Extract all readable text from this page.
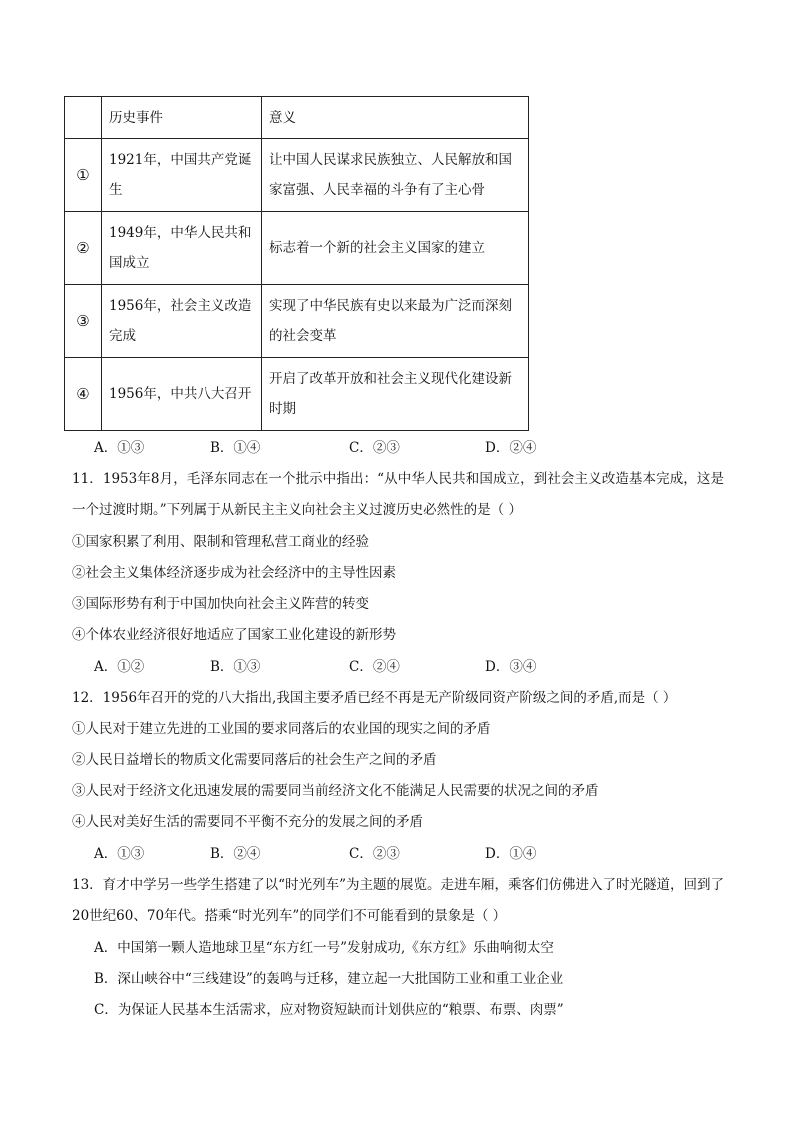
	历史事件	意义
①	1921年，中国共产党诞生	让中国人民谋求民族独立、人民解放和国家富强、人民幸福的斗争有了主心骨
②	1949年，中华人民共和国成立	标志着一个新的社会主义国家的建立
③	1956年，社会主义改造完成	实现了中华民族有史以来最为广泛而深刻的社会变革
④	1956年，中共八大召开	开启了改革开放和社会主义现代化建设新时期
A．①③	B．①④	C．②③	D．②④
11．1953年8月，毛泽东同志在一个批示中指出：“从中华人民共和国成立，到社会主义改造基本完成，这是一个过渡时期。”下列属于从新民主主义向社会主义过渡历史必然性的是（ ）
①国家积累了利用、限制和管理私营工商业的经验
②社会主义集体经济逐步成为社会经济中的主导性因素
③国际形势有利于中国加快向社会主义阵营的转变
④个体农业经济很好地适应了国家工业化建设的新形势
A．①②	B．①③	C．②④	D．③④
12．1956年召开的党的八大指出,我国主要矛盾已经不再是无产阶级同资产阶级之间的矛盾,而是（ ）
①人民对于建立先进的工业国的要求同落后的农业国的现实之间的矛盾
②人民日益增长的物质文化需要同落后的社会生产之间的矛盾
③人民对于经济文化迅速发展的需要同当前经济文化不能满足人民需要的状况之间的矛盾
④人民对美好生活的需要同不平衡不充分的发展之间的矛盾
A．①③	B．②④	C．②③	D．①④
13．育才中学另一些学生搭建了以“时光列车”为主题的展览。走进车厢，乘客们仿佛进入了时光隧道，回到了20世纪60、70年代。搭乘“时光列车”的同学们不可能看到的景象是（ ）
A．中国第一颗人造地球卫星“东方红一号”发射成功,《东方红》乐曲响彻太空
B．深山峡谷中“三线建设”的轰鸣与迁移，建立起一大批国防工业和重工业企业
C．为保证人民基本生活需求，应对物资短缺而计划供应的“粮票、布票、肉票”
